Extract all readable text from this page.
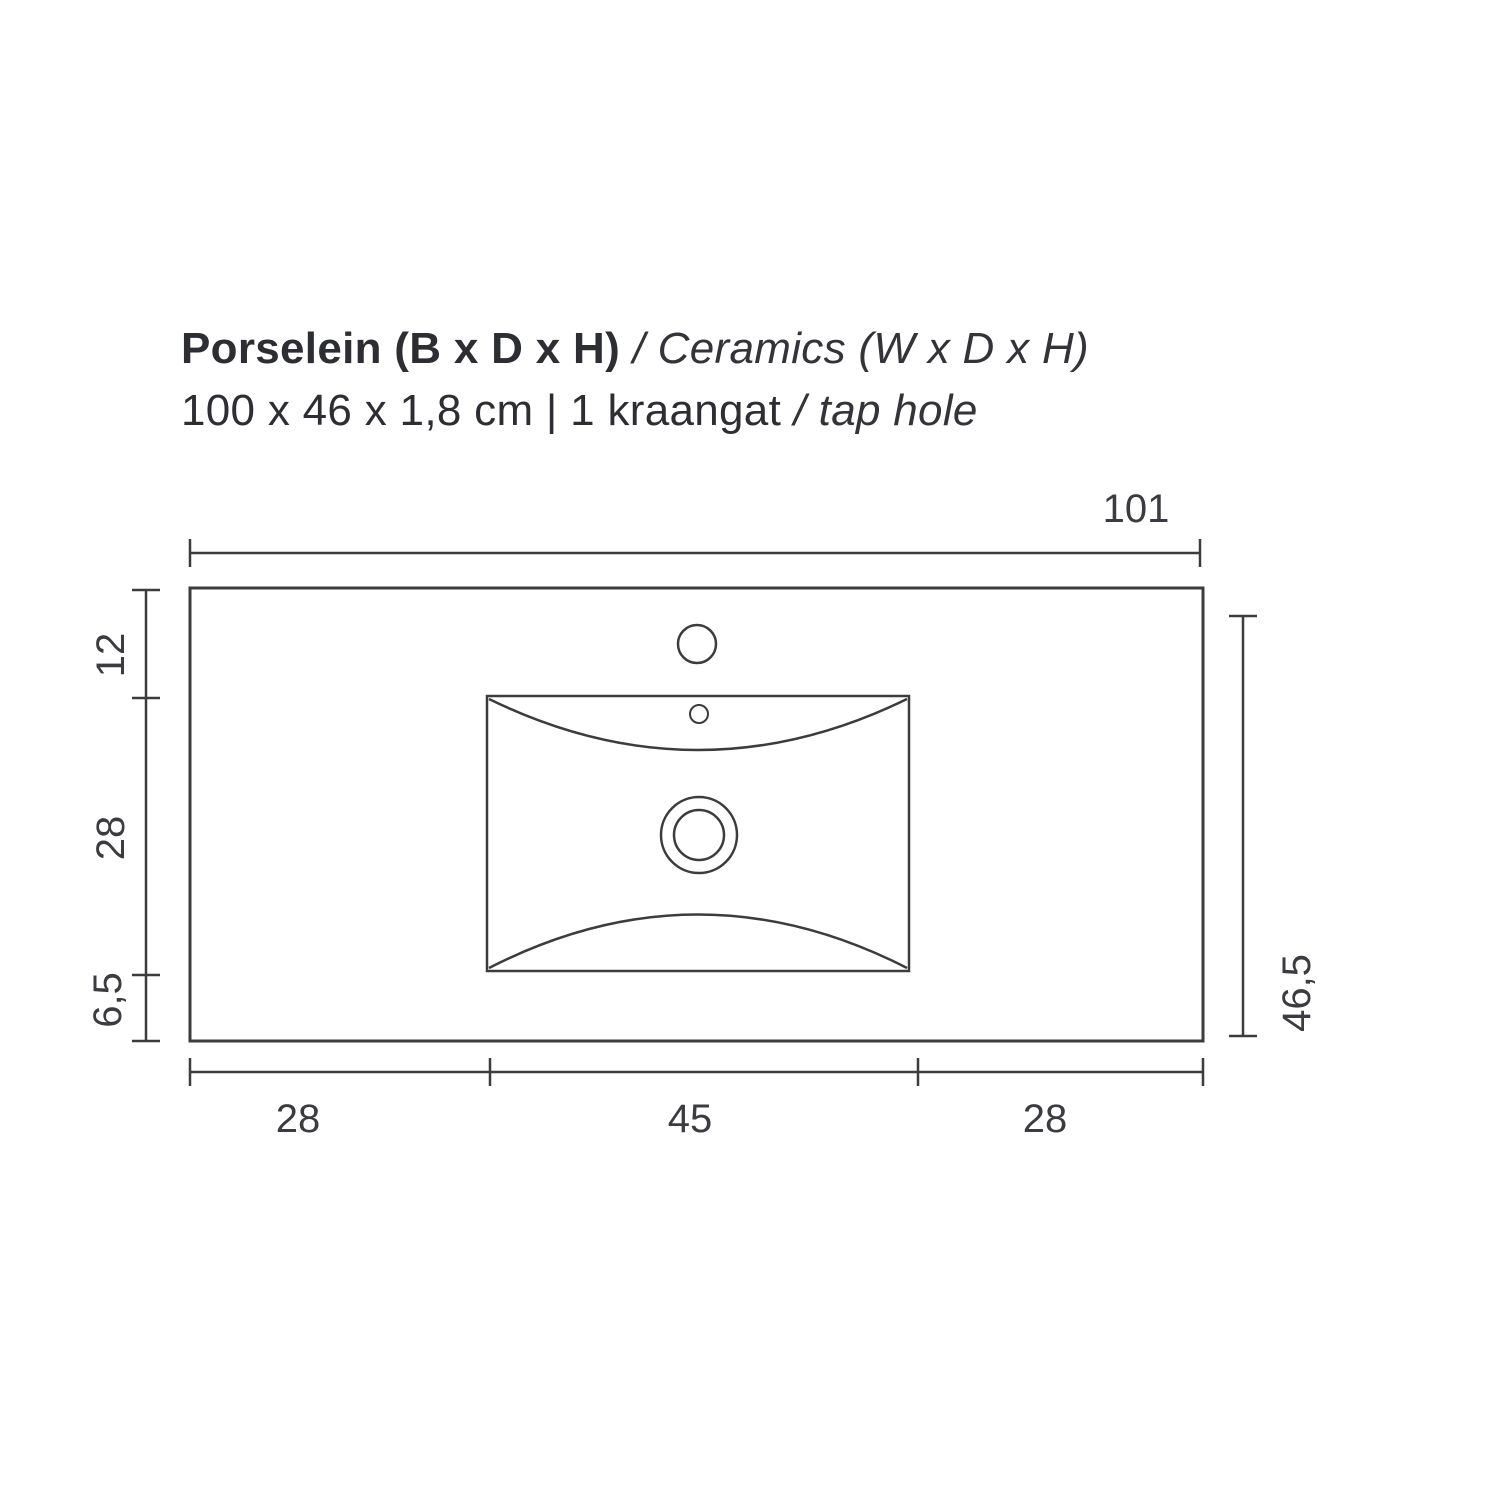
Porselein (B x D x H) / Ceramics (W x D x H)
100 x 46 x 1,8 cm | 1 kraangat / tap hole
101
12
28
6,5	46,5
28	45	28
